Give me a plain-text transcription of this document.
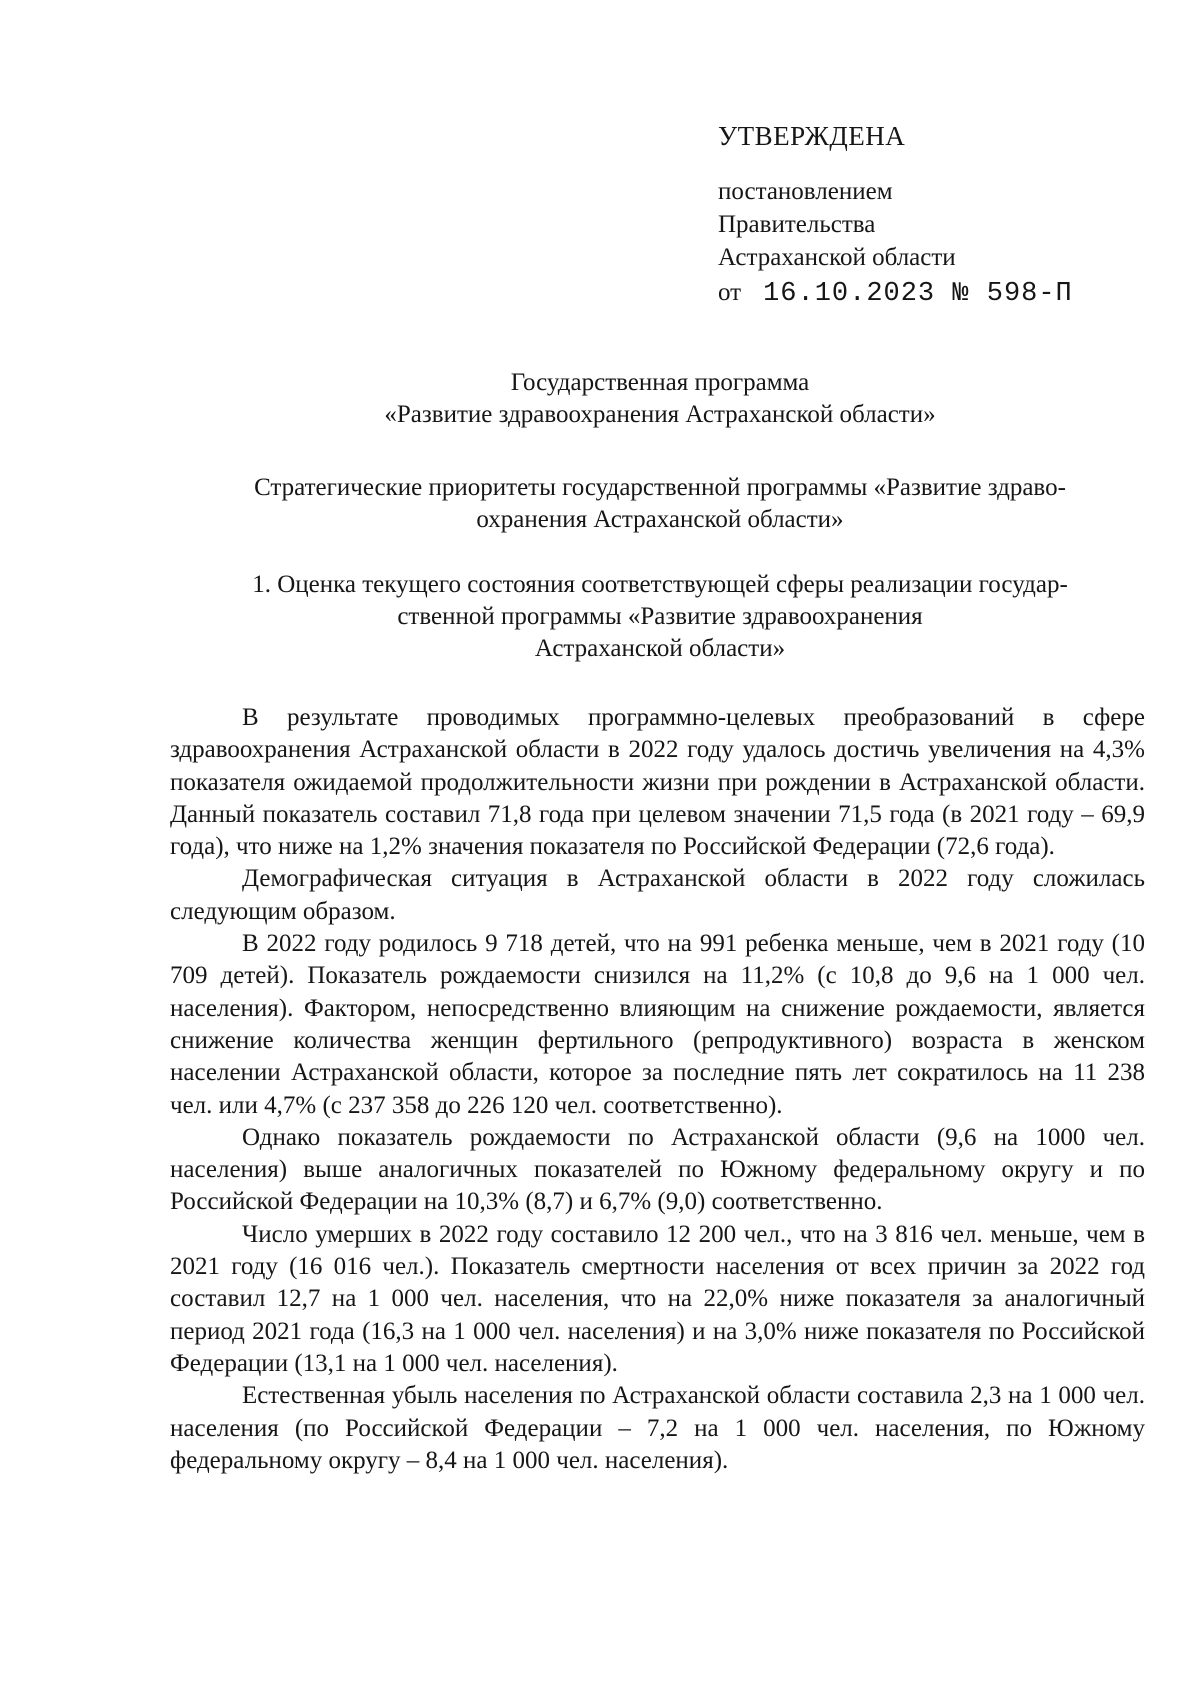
УТВЕРЖДЕНА
постановлением
Правительства
Астраханской области
от 16.10.2023 № 598-П
Государственная программа
«Развитие здравоохранения Астраханской области»
Стратегические приоритеты государственной программы «Развитие здраво-
охранения Астраханской области»
1. Оценка текущего состояния соответствующей сферы реализации государ-
ственной программы «Развитие здравоохранения
Астраханской области»

В результате проводимых программно-целевых преобразований в сфере здравоохранения Астраханской области в 2022 году удалось достичь увеличения на 4,3% показателя ожидаемой продолжительности жизни при рождении в Астраханской области. Данный показатель составил 71,8 года при целевом значении 71,5 года (в 2021 году – 69,9 года), что ниже на 1,2% значения показателя по Российской Федерации (72,6 года).

Демографическая ситуация в Астраханской области в 2022 году сложилась следующим образом.

В 2022 году родилось 9 718 детей, что на 991 ребенка меньше, чем в 2021 году (10 709 детей). Показатель рождаемости снизился на 11,2% (с 10,8 до 9,6 на 1 000 чел. населения). Фактором, непосредственно влияющим на снижение рождаемости, является снижение количества женщин фертильного (репродуктивного) возраста в женском населении Астраханской области, которое за последние пять лет сократилось на 11 238 чел. или 4,7% (с 237 358 до 226 120 чел. соответственно).

Однако показатель рождаемости по Астраханской области (9,6 на 1000 чел. населения) выше аналогичных показателей по Южному федеральному округу и по Российской Федерации на 10,3% (8,7) и 6,7% (9,0) соответственно.

Число умерших в 2022 году составило 12 200 чел., что на 3 816 чел. меньше, чем в 2021 году (16 016 чел.). Показатель смертности населения от всех причин за 2022 год составил 12,7 на 1 000 чел. населения, что на 22,0% ниже показателя за аналогичный период 2021 года (16,3 на 1 000 чел. населения) и на 3,0% ниже показателя по Российской Федерации (13,1 на 1 000 чел. населения).

Естественная убыль населения по Астраханской области составила 2,3 на 1 000 чел. населения (по Российской Федерации – 7,2 на 1 000 чел. населения, по Южному федеральному округу – 8,4 на 1 000 чел. населения).
